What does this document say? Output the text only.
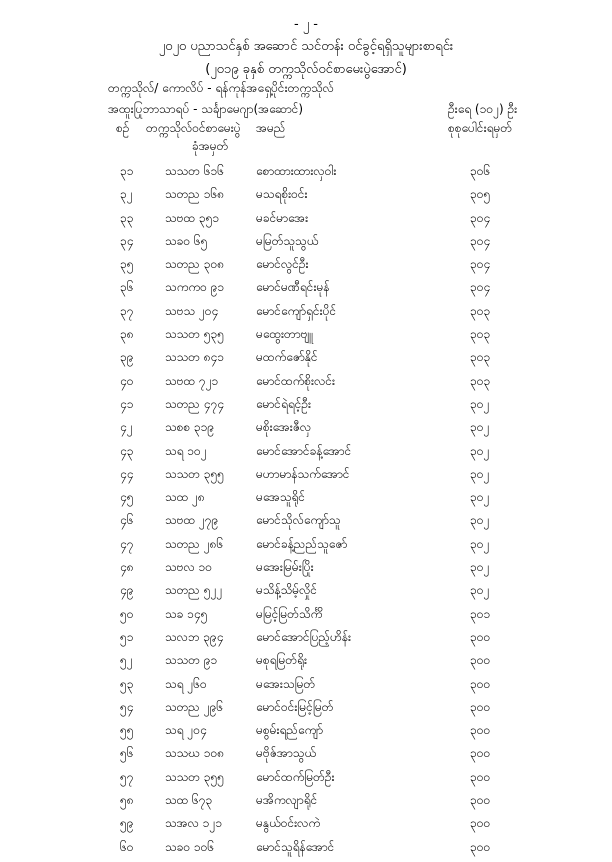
- ၂ -
၂၀၂၀ ပညာသင်နှစ် အဆောင် သင်တန်း ဝင်ခွင့်ရရှိသူများစာရင်း
(၂၀၁၉ ခုနှစ် တက္ကသိုလ်ဝင်စာမေးပွဲအောင်)
တက္ကသိုလ်/ ကောလိပ် - ရန်ကုန်အရှေ့ပိုင်းတက္ကသိုလ်
အထူးပြုဘာသာရပ် - သင်္ချာမေဂျာ(အဆောင်)	ဦးရေ (၁၀၂) ဦး
စဉ် တက္ကသိုလ်ဝင်စာမေးပွဲ
ခုံအမှတ်
အမည်	စုစုပေါင်းရမှတ်
၃၁	သသတ ၆၁၆	စောထားထားလှဝါး	၃၀၆
၃၂	သတည ၁၆၈	မသရစိုးဝင်း	၃၀၅
၃၃	သဗထ ၃၅၁	မခင်မာအေး	၃၀၄
၃၄	သခဝ ၆၅	မမြတ်သူသွယ်	၃၀၄
၃၅	သတည ၃၀၈	မောင်လွင်ဦး	၃၀၄
၃၆	သကကဝ ၉၁	မောင်မဏီရင်းမုန်	၃၀၄
၃၇	သဗသ ၂၀၄	မောင်ကျော်ရှင်းပိုင်	၃၀၃
၃၈	သသတ ၅၃၅	မထွေးတာဗျူ	၃၀၃
၃၉	သသတ ၈၄၁	မထက်ဇော်နိုင်	၃၀၃
၄၀	သဗထ ၇၂၁	မောင်ထက်စိုးလင်း	၃၀၃
၄၁	သတည ၄၇၄	မောင်ရဲရင့်ဦး	၃၀၂
၄၂	သစစ ၃၁၉	မစိုးအေးဇီလှ	၃၀၂
၄၃	သရ ၁၀၂	မောင်အောင်ခန့်အောင်	၃၀၂
၄၄	သသတ ၃၅၅	မဟာမာန်သက်အောင်	၃၀၂
၄၅	သထ ၂၈	မအေသူရိုင်	၃၀၂
၄၆	သဗထ ၂၇၉	မောင်သိုလ်ကျော်သူ	၃၀၂
၄၇	သတည ၂၈၆	မောင်ခန့်ညည်သူဇော်	၃၀၂
၄၈	သဗလ ၁၀	မအေးမြမ်းပြိုး	၃၀၂
၄၉	သတည ၅၂၂	မသိန့်သိမ့်လှိုင်	၃၀၂
၅၀	သခ ၁၄၅	မမြင့်မြတ်သိင်္ကိ	၃၀၁
၅၁	သလဘ ၃၉၄	မောင်အောင်ပြည့်ဟိန်း	၃၀၀
၅၂	သသတ ၉၁	မစုရမြတ်ရိုး	၃၀၀
၅၃	သရ ၂၆၀	မအေးသမြတ်	၃၀၀
၅၄	သတည ၂၉၆	မောင်ဝင်းမြင့်မြတ်	၃၀၀
၅၅	သရ ၂၀၄	မစွမ်းရည်ကျော်	၃၀၀
၅၆	သသဃ ၁၀၈	မဗိုဇ်အာသွယ်	၃၀၀
၅၇	သသတ ၃၅၅	မောင်ထက်မြတ်ဦး	၃၀၀
၅၈	သထ ၆၇၃	မအိကလျာရိုင်	၃၀၀
၅၉	သအလ ၁၂၁	မနွယ်ဝင်းလကဲ	၃၀၀
၆၀	သခဝ ၁၀၆	မောင်သူရိန်အောင်	၃၀၀
